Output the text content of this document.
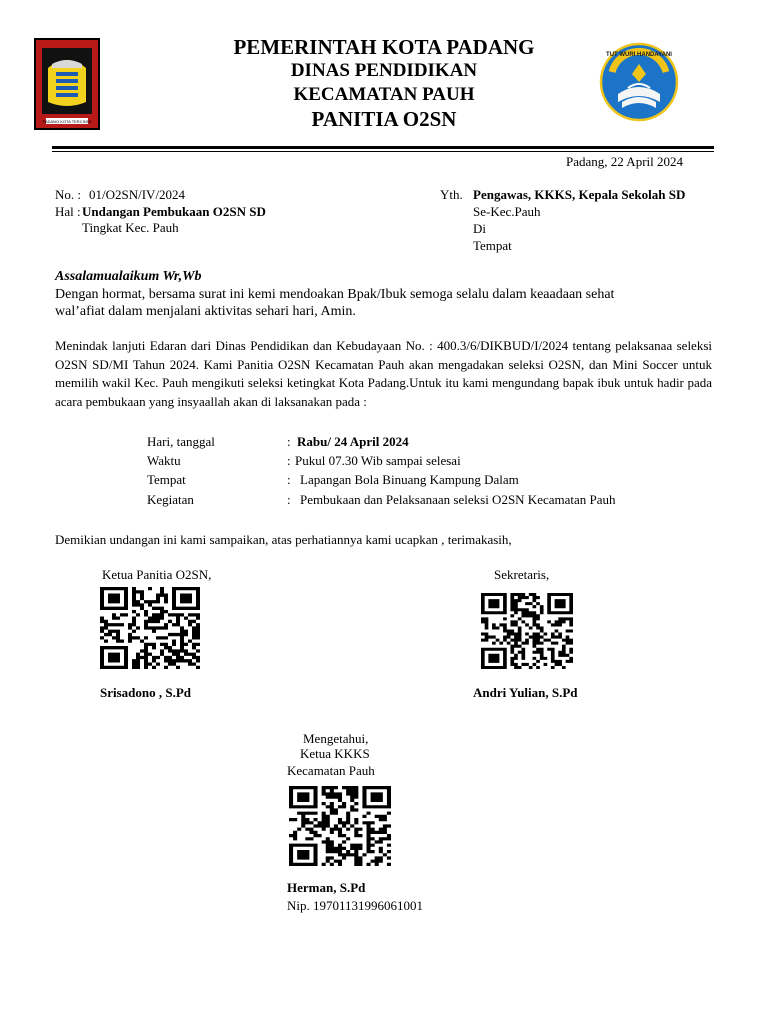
PADANG KOTA TERCINTA
TUT WURI HANDAYANI
PEMERINTAH KOTA PADANG
DINAS PENDIDIKAN
KECAMATAN PAUH
PANITIA O2SN
Padang, 22 April 2024
No. : 01/O2SN/IV/2024
Hal : Undangan Pembukaan O2SN SD
Tingkat Kec. Pauh
Yth. Pengawas, KKKS, Kepala Sekolah SD
Se-Kec.Pauh
Di
Tempat
Assalamualaikum Wr,Wb
Dengan hormat, bersama surat ini kemi mendoakan Bpak/Ibuk semoga selalu dalam keaadaan sehat
wal’afiat dalam menjalani aktivitas sehari hari, Amin.
Menindak lanjuti Edaran dari Dinas Pendidikan dan Kebudayaan No. : 400.3/6/DIKBUD/I/2024 tentang pelaksanaa seleksi O2SN SD/MI Tahun 2024. Kami Panitia O2SN Kecamatan Pauh akan mengadakan seleksi O2SN, dan Mini Soccer untuk memilih wakil Kec. Pauh mengikuti seleksi ketingkat Kota Padang.Untuk itu kami mengundang bapak ibuk untuk hadir pada acara pembukaan yang insyaallah akan di laksanakan pada :
Hari, tanggal	: Rabu/ 24 April 2024
Waktu	: Pukul 07.30 Wib sampai selesai
Tempat	: Lapangan Bola Binuang Kampung Dalam
Kegiatan	: Pembukaan dan Pelaksanaan seleksi O2SN Kecamatan Pauh
Demikian undangan ini kami sampaikan, atas perhatiannya kami ucapkan , terimakasih,
Ketua Panitia O2SN,	Sekretaris,
Srisadono , S.Pd	Andri Yulian, S.Pd
Mengetahui,
Ketua KKKS
Kecamatan Pauh
Herman, S.Pd
Nip. 19701131996061001
